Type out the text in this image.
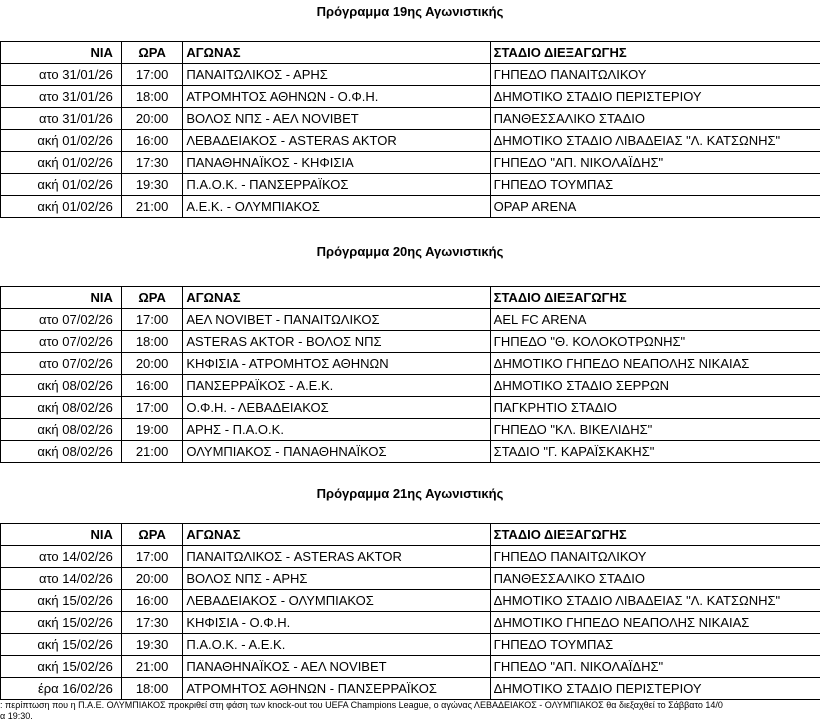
Πρόγραμμα 19ης Αγωνιστικής
ΝΙΑ	ΩΡΑ	ΑΓΩΝΑΣ	ΣΤΑΔΙΟ ΔΙΕΞΑΓΩΓΗΣ
ατο 31/01/26	17:00	ΠΑΝΑΙΤΩΛΙΚΟΣ - ΑΡΗΣ	ΓΗΠΕΔΟ ΠΑΝΑΙΤΩΛΙΚΟΥ
ατο 31/01/26	18:00	ΑΤΡΟΜΗΤΟΣ ΑΘΗΝΩΝ - Ο.Φ.Η.	ΔΗΜΟΤΙΚΟ ΣΤΑΔΙΟ ΠΕΡΙΣΤΕΡΙΟΥ
ατο 31/01/26	20:00	ΒΟΛΟΣ ΝΠΣ - ΑΕΛ NOVIBET	ΠΑΝΘΕΣΣΑΛΙΚΟ ΣΤΑΔΙΟ
ακή 01/02/26	16:00	ΛΕΒΑΔΕΙΑΚΟΣ - ASTERAS AKTOR	ΔΗΜΟΤΙΚΟ ΣΤΑΔΙΟ ΛΙΒΑΔΕΙΑΣ "Λ. ΚΑΤΣΩΝΗΣ"
ακή 01/02/26	17:30	ΠΑΝΑΘΗΝΑΪΚΟΣ - ΚΗΦΙΣΙΑ	ΓΗΠΕΔΟ "ΑΠ. ΝΙΚΟΛΑΪΔΗΣ"
ακή 01/02/26	19:30	Π.Α.Ο.Κ. - ΠΑΝΣΕΡΡΑΪΚΟΣ	ΓΗΠΕΔΟ ΤΟΥΜΠΑΣ
ακή 01/02/26	21:00	Α.Ε.Κ. - ΟΛΥΜΠΙΑΚΟΣ	OPAP ARENA
Πρόγραμμα 20ης Αγωνιστικής
ΝΙΑ	ΩΡΑ	ΑΓΩΝΑΣ	ΣΤΑΔΙΟ ΔΙΕΞΑΓΩΓΗΣ
ατο 07/02/26	17:00	ΑΕΛ NOVIBET - ΠΑΝΑΙΤΩΛΙΚΟΣ	AEL FC ARENA
ατο 07/02/26	18:00	ASTERAS AKTOR - ΒΟΛΟΣ ΝΠΣ	ΓΗΠΕΔΟ "Θ. ΚΟΛΟΚΟΤΡΩΝΗΣ"
ατο 07/02/26	20:00	ΚΗΦΙΣΙΑ - ΑΤΡΟΜΗΤΟΣ ΑΘΗΝΩΝ	ΔΗΜΟΤΙΚΟ ΓΗΠΕΔΟ ΝΕΑΠΟΛΗΣ ΝΙΚΑΙΑΣ
ακή 08/02/26	16:00	ΠΑΝΣΕΡΡΑΪΚΟΣ - Α.Ε.Κ.	ΔΗΜΟΤΙΚΟ ΣΤΑΔΙΟ ΣΕΡΡΩΝ
ακή 08/02/26	17:00	Ο.Φ.Η. - ΛΕΒΑΔΕΙΑΚΟΣ	ΠΑΓΚΡΗΤΙΟ ΣΤΑΔΙΟ
ακή 08/02/26	19:00	ΑΡΗΣ - Π.Α.Ο.Κ.	ΓΗΠΕΔΟ "ΚΛ. ΒΙΚΕΛΙΔΗΣ"
ακή 08/02/26	21:00	ΟΛΥΜΠΙΑΚΟΣ - ΠΑΝΑΘΗΝΑΪΚΟΣ	ΣΤΑΔΙΟ "Γ. ΚΑΡΑΪΣΚΑΚΗΣ"
Πρόγραμμα 21ης Αγωνιστικής
ΝΙΑ	ΩΡΑ	ΑΓΩΝΑΣ	ΣΤΑΔΙΟ ΔΙΕΞΑΓΩΓΗΣ
ατο 14/02/26	17:00	ΠΑΝΑΙΤΩΛΙΚΟΣ - ASTERAS AKTOR	ΓΗΠΕΔΟ ΠΑΝΑΙΤΩΛΙΚΟΥ
ατο 14/02/26	20:00	ΒΟΛΟΣ ΝΠΣ - ΑΡΗΣ	ΠΑΝΘΕΣΣΑΛΙΚΟ ΣΤΑΔΙΟ
ακή 15/02/26	16:00	ΛΕΒΑΔΕΙΑΚΟΣ - ΟΛΥΜΠΙΑΚΟΣ	ΔΗΜΟΤΙΚΟ ΣΤΑΔΙΟ ΛΙΒΑΔΕΙΑΣ "Λ. ΚΑΤΣΩΝΗΣ"
ακή 15/02/26	17:30	ΚΗΦΙΣΙΑ - Ο.Φ.Η.	ΔΗΜΟΤΙΚΟ ΓΗΠΕΔΟ ΝΕΑΠΟΛΗΣ ΝΙΚΑΙΑΣ
ακή 15/02/26	19:30	Π.Α.Ο.Κ. - Α.Ε.Κ.	ΓΗΠΕΔΟ ΤΟΥΜΠΑΣ
ακή 15/02/26	21:00	ΠΑΝΑΘΗΝΑΪΚΟΣ - ΑΕΛ NOVIBET	ΓΗΠΕΔΟ "ΑΠ. ΝΙΚΟΛΑΪΔΗΣ"
έρα 16/02/26	18:00	ΑΤΡΟΜΗΤΟΣ ΑΘΗΝΩΝ - ΠΑΝΣΕΡΡΑΪΚΟΣ	ΔΗΜΟΤΙΚΟ ΣΤΑΔΙΟ ΠΕΡΙΣΤΕΡΙΟΥ
: περίπτωση που η Π.Α.Ε. ΟΛΥΜΠΙΑΚΟΣ προκριθεί στη φάση των knock-out του UEFA Champions League, ο αγώνας ΛΕΒΑΔΕΙΑΚΟΣ - ΟΛΥΜΠΙΑΚΟΣ θα διεξαχθεί το Σάββατο 14/0
α 19:30.
